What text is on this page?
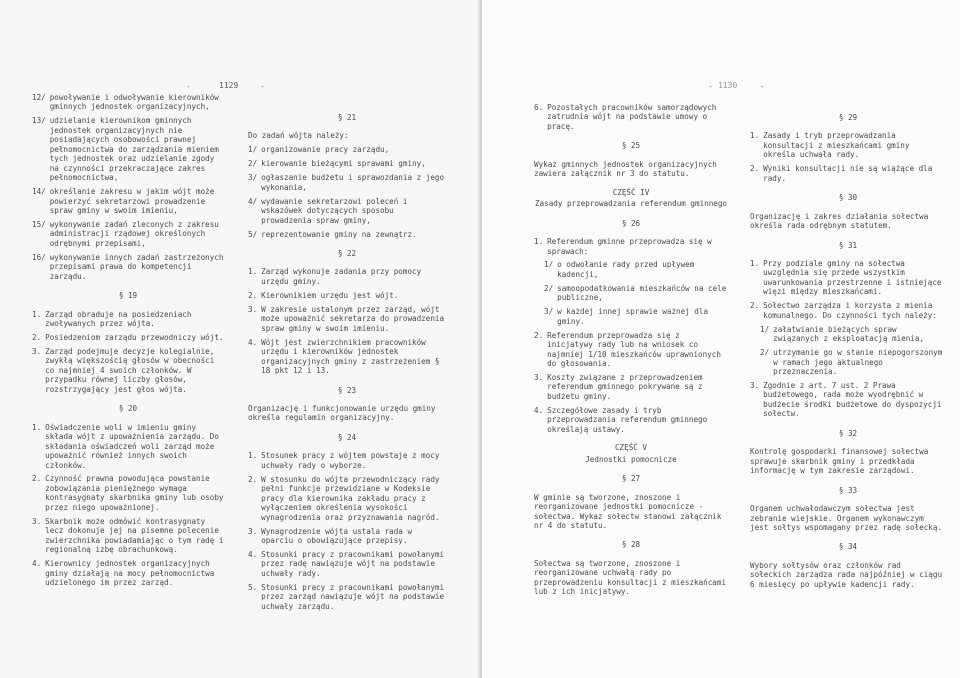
-	1129	-
12/ powoływanie i odwoływanie kierowników gminnych jednostek organizacyjnych,
13/ udzielanie kierownikom gminnych jednostek organizacyjnych nie posiadających osobowości prawnej pełnomocnictwa do zarządzania mieniem tych jednostek oraz udzielanie zgody na czynności przekraczające zakres pełnomocnictwa,
14/ określanie zakresu w jakim wójt może powierzyć sekretarzowi prowadzenie spraw gminy w swoim imieniu,
15/ wykonywanie zadań zleconych z zakresu administracji rządowej określonych odrębnymi przepisami,
16/ wykonywanie innych zadań zastrzeżonych przepisami prawa do kompetencji zarządu.
§ 19
1. Zarząd obraduje na posiedzeniach zwoływanych przez wójta.
2. Posiedzeniom zarządu przewodniczy wójt.
3. Zarząd podejmuje decyzje kolegialnie, zwykłą większością głosów w obecności co najmniej 4 swoich członków. W przypadku równej liczby głosów, rozstrzygający jest głos wójta.
§ 20
1. Oświadczenie woli w imieniu gminy składa wójt z upoważnienia zarządu. Do składania oświadczeń woli zarząd może upoważnić również innych swoich członków.
2. Czynność prawna powodująca powstanie zobowiązania pieniężnego wymaga kontrasygnaty skarbnika gminy lub osoby przez niego upoważnionej.
3. Skarbnik może odmówić kontrasygnaty lecz dokonuje jej na pisemne polecenie zwierzchnika powiadamiając o tym radę i regionalną izbę obrachunkową.
4. Kierownicy jednostek organizacyjnych gminy działają na mocy pełnomocnictwa udzielonego im przez zarząd.
§ 21
Do zadań wójta należy:
1/ organizowanie pracy zarządu,
2/ kierowanie bieżącymi sprawami gminy,
3/ ogłaszanie budżetu i sprawozdania z jego wykonania,
4/ wydawanie sekretarzowi poleceń i wskazówek dotyczących sposobu prowadzenia spraw gminy,
5/ reprezentowanie gminy na zewnątrz.
§ 22
1. Zarząd wykonuje zadania przy pomocy urzędu gminy.
2. Kierownikiem urzędu jest wójt.
3. W zakresie ustalonym przez zarząd, wójt może upoważnić sekretarza do prowadzenia spraw gminy w swoim imieniu.
4. Wójt jest zwierzchnikiem pracowników urzędu i kierowników jednostek organizacyjnych gminy z zastrzeżeniem § 18 pkt 12 i 13.
§ 23
Organizację i funkcjonowanie urzędu gminy określa regulamin organizacyjny.
§ 24
1. Stosunek pracy z wójtem powstaje z mocy uchwały rady o wyborze.
2. W stosunku do wójta przewodniczący rady pełni funkcje przewidziane w Kodeksie pracy dla kierownika zakładu pracy z wyłączeniem określenia wysokości wynagrodzenia oraz przyznawania nagród.
3. Wynagrodzenie wójta ustala rada w oparciu o obowiązujące przepisy.
4. Stosunki pracy z pracownikami powołanymi przez radę nawiązuje wójt na podstawie uchwały rady.
5. Stosunki pracy z pracownikami powołanymi przez zarząd nawiązuje wójt na podstawie uchwały zarządu.
- 1130	-
6. Pozostałych pracowników samorządowych zatrudnia wójt na podstawie umowy o pracę.
§ 25
Wykaz gminnych jednostek organizacyjnych zawiera załącznik nr 3 do statutu.
CZĘŚĆ IV
Zasady przeprowadzania referendum gminnego
§ 26
1. Referendum gminne przeprowadza się w sprawach:
1/ o odwołanie rady przed upływem kadencji,
2/ samoopodatkowania mieszkańców na cele publiczne,
3/ w każdej innej sprawie ważnej dla gminy.
2. Referendum przeprowadza się z inicjatywy rady lub na wniosek co najmniej 1/10 mieszkańców uprawnionych do głosowania.
3. Koszty związane z przeprowadzeniem referendum gminnego pokrywane są z budżetu gminy.
4. Szczegółowe zasady i tryb przeprowadzania referendum gminnego określają ustawy.
CZĘŚĆ V
Jednostki pomocnicze
§ 27
W gminie są tworzone, znoszone i reorganizowane jednostki pomocnicze - sołectwa. Wykaz sołectw stanowi załącznik nr 4 do statutu.
§ 28
Sołectwa są tworzone, znoszone i reorganizowane uchwałą rady po przeprowadzeniu konsultacji z mieszkańcami lub z ich inicjatywy.
§ 29
1. Zasady i tryb przeprowadzania konsultacji z mieszkańcami gminy określa uchwała rady.
2. Wyniki konsultacji nie są wiążące dla rady.
§ 30
Organizację i zakres działania sołectwa określa rada odrębnym statutem.
§ 31
1. Przy podziale gminy na sołectwa uwzględnia się przede wszystkim uwarunkowania przestrzenne i istniejące więzi między mieszkańcami.
2. Sołectwo zarządza i korzysta z mienia komunalnego. Do czynności tych należy:
1/ załatwianie bieżących spraw związanych z eksploatacją mienia,
2/ utrzymanie go w stanie niepogorszonym w ramach jego aktualnego przeznaczenia.
3. Zgodnie z art. 7 ust. 2 Prawa budżetowego, rada może wyodrębnić w budżecie środki budżetowe do dyspozycji sołectw.
§ 32
Kontrolę gospodarki finansowej sołectwa sprawuje skarbnik gminy i przedkłada informację w tym zakresie zarządowi.
§ 33
Organem uchwałodawczym sołectwa jest zebranie wiejskie. Organem wykonawczym jest sołtys wspomagany przez radę sołecką.
§ 34
Wybory sołtysów oraz członków rad sołeckich zarządza rada najpóźniej w ciągu 6 miesięcy po upływie kadencji rady.
